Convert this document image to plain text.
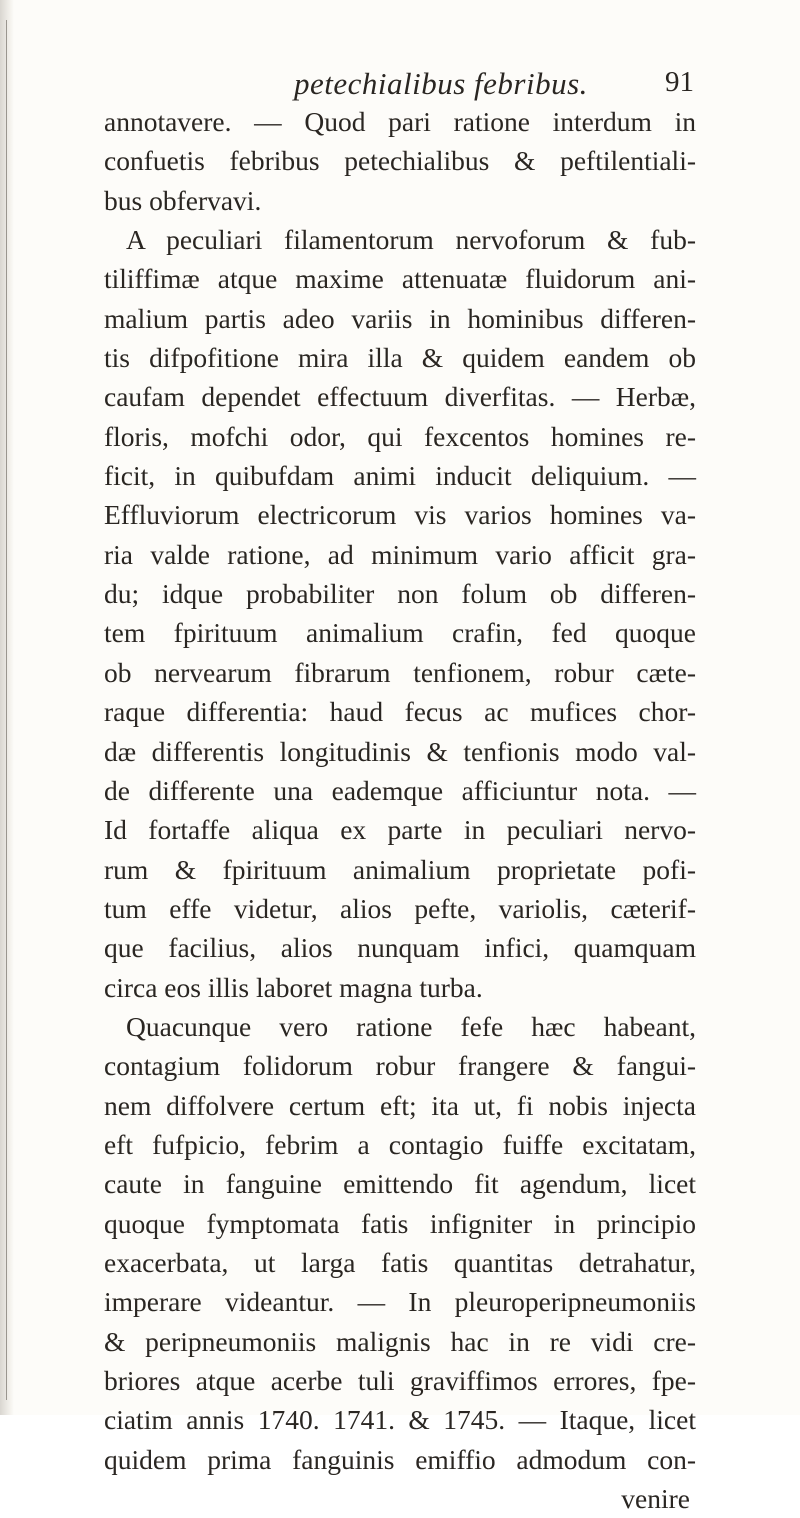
petechialibus febribus.	91
annotavere. — Quod pari ratione interdum in
confuetis febribus petechialibus & peftilentiali-
bus obfervavi.
A peculiari filamentorum nervoforum & fub-
tiliffimæ atque maxime attenuatæ fluidorum ani-
malium partis adeo variis in hominibus differen-
tis difpofitione mira illa & quidem eandem ob
caufam dependet effectuum diverfitas. — Herbæ,
floris, mofchi odor, qui fexcentos homines re-
ficit, in quibufdam animi inducit deliquium. —
Effluviorum electricorum vis varios homines va-
ria valde ratione, ad minimum vario afficit gra-
du; idque probabiliter non folum ob differen-
tem fpirituum animalium crafin, fed quoque
ob nervearum fibrarum tenfionem, robur cæte-
raque differentia: haud fecus ac mufices chor-
dæ differentis longitudinis & tenfionis modo val-
de differente una eademque afficiuntur nota. —
Id fortaffe aliqua ex parte in peculiari nervo-
rum & fpirituum animalium proprietate pofi-
tum effe videtur, alios pefte, variolis, cæterif-
que facilius, alios nunquam infici, quamquam
circa eos illis laboret magna turba.
Quacunque vero ratione fefe hæc habeant,
contagium folidorum robur frangere & fangui-
nem diffolvere certum eft; ita ut, fi nobis injecta
eft fufpicio, febrim a contagio fuiffe excitatam,
caute in fanguine emittendo fit agendum, licet
quoque fymptomata fatis infigniter in principio
exacerbata, ut larga fatis quantitas detrahatur,
imperare videantur. — In pleuroperipneumoniis
& peripneumoniis malignis hac in re vidi cre-
briores atque acerbe tuli graviffimos errores, fpe-
ciatim annis 1740. 1741. & 1745. — Itaque, licet
quidem prima fanguinis emiffio admodum con-
venire
